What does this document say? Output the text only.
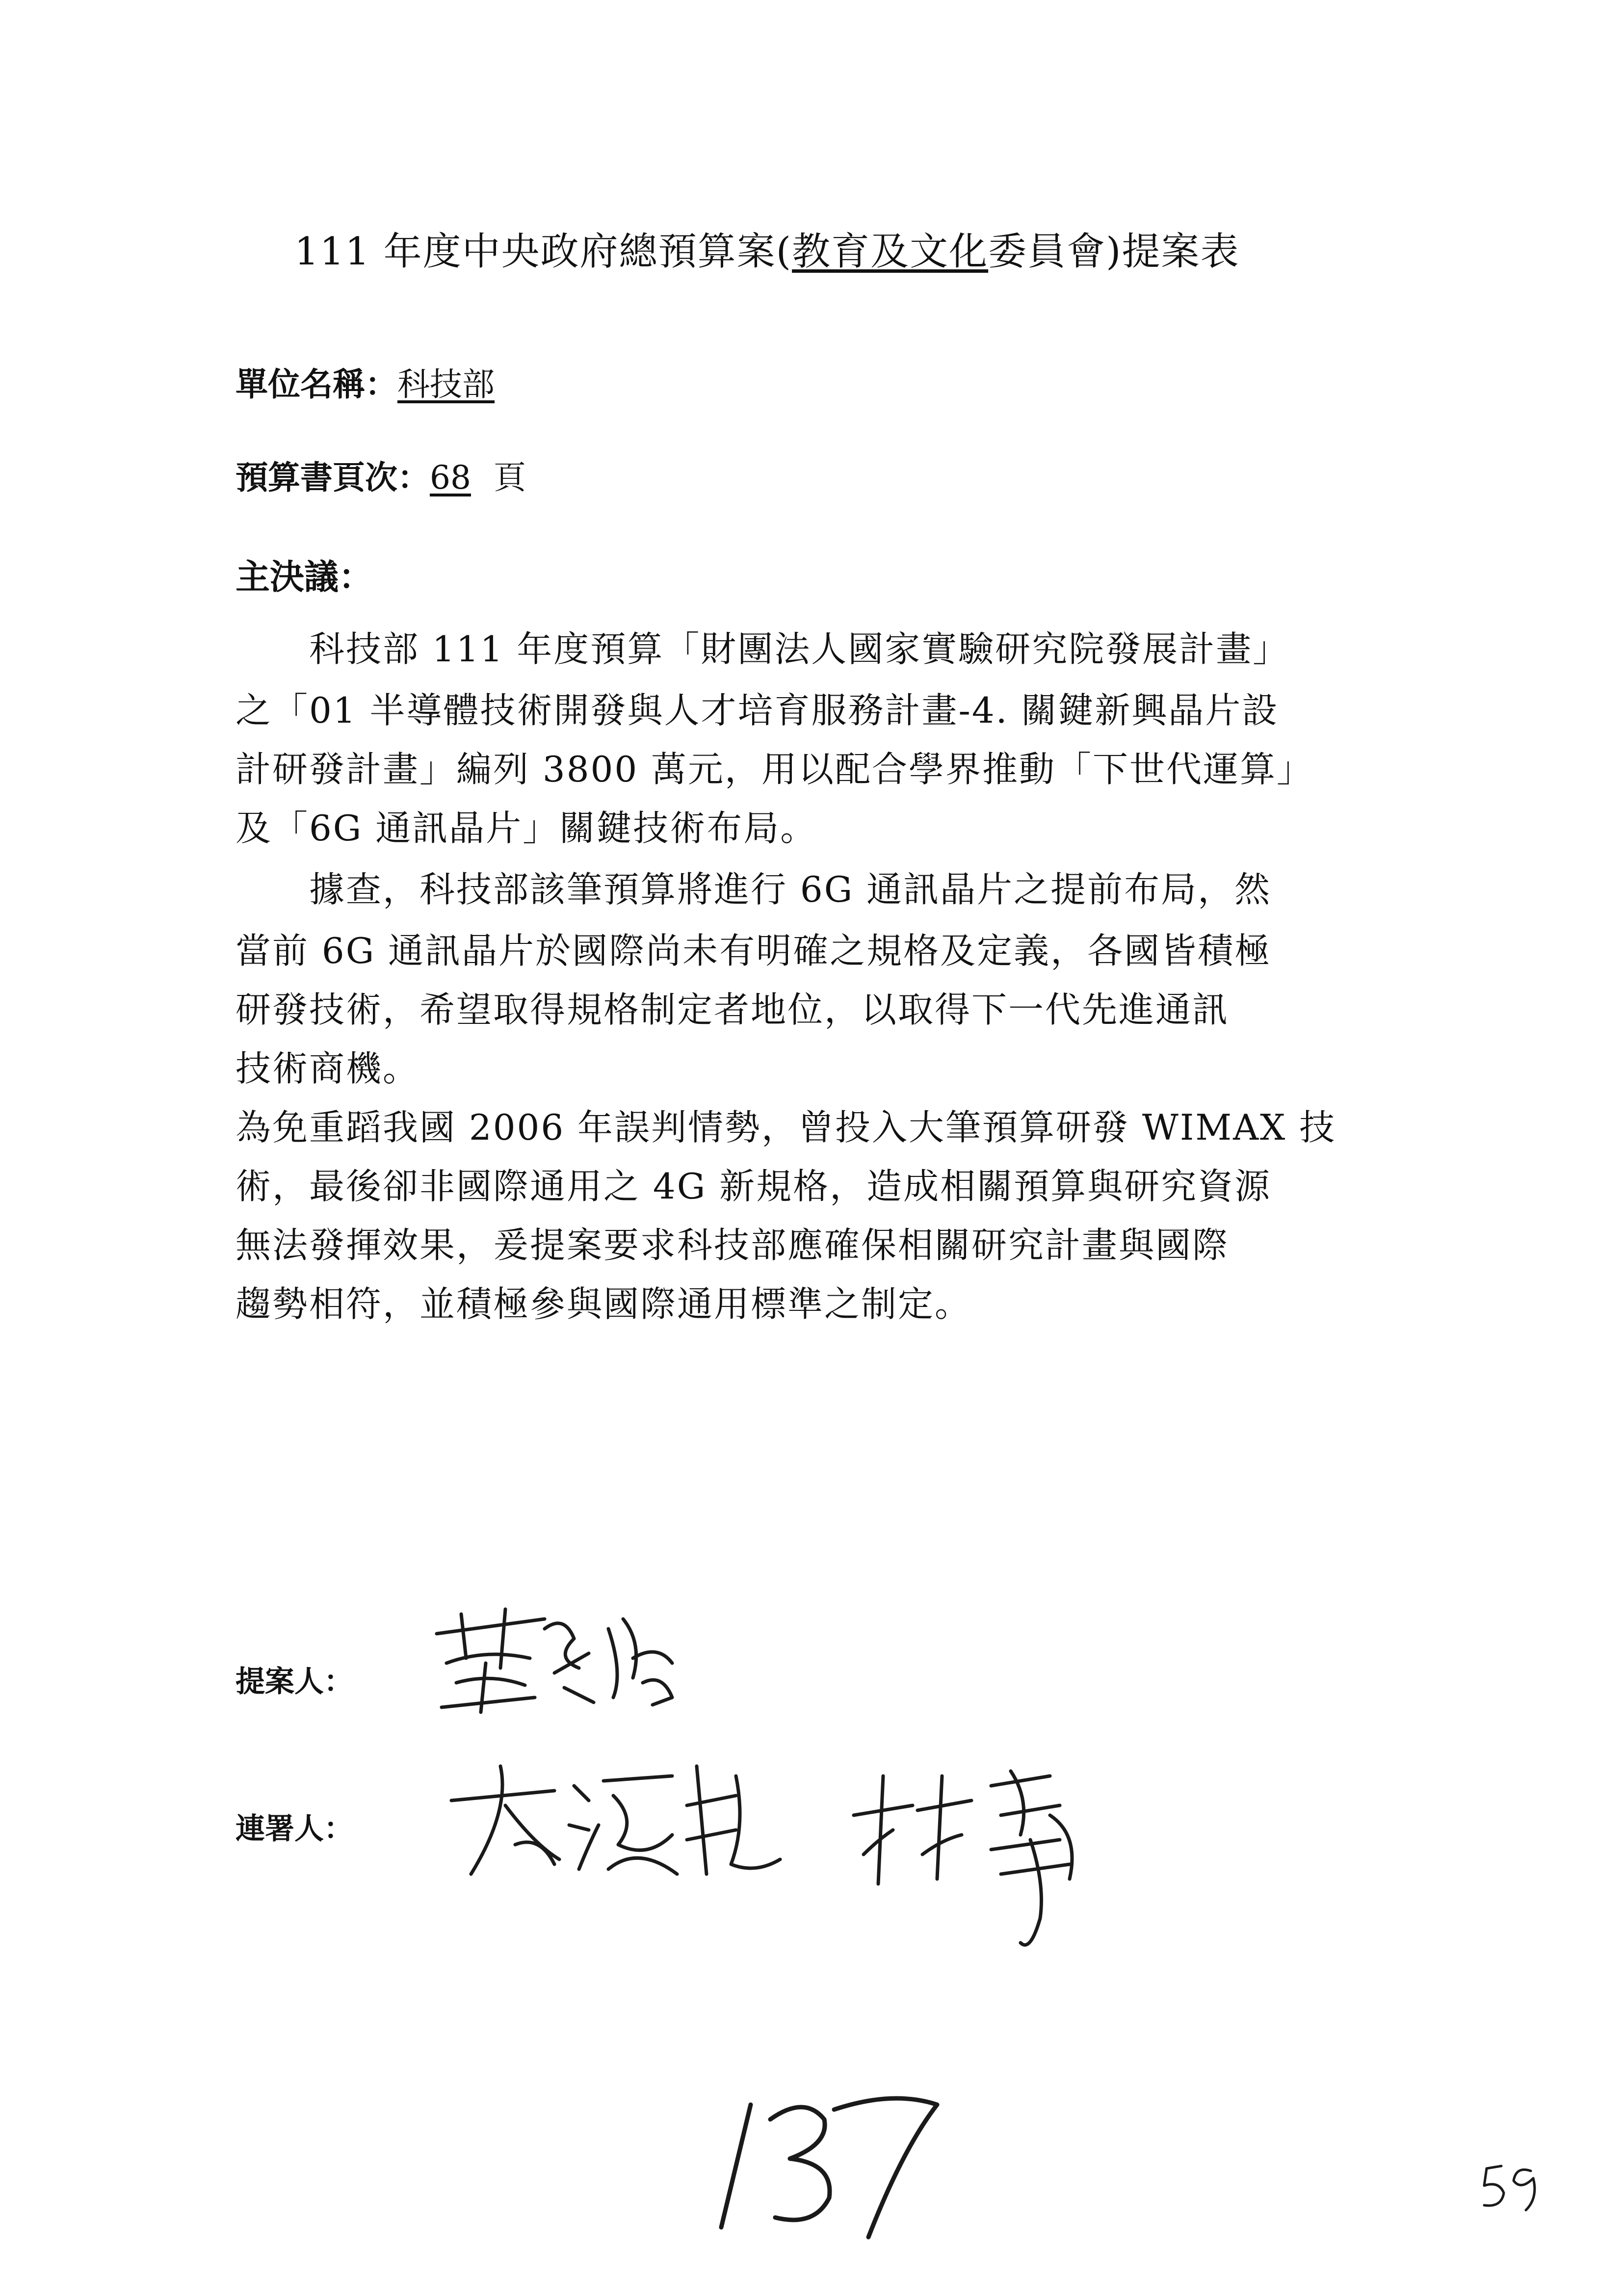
111 年度中央政府總預算案(教育及文化委員會)提案表
單位名稱：科技部
預算書頁次：68 頁
主決議：
科技部 111 年度預算「財團法人國家實驗研究院發展計畫」
之「01 半導體技術開發與人才培育服務計畫-4. 關鍵新興晶片設
計研發計畫」編列 3800 萬元，用以配合學界推動「下世代運算」
及「6G 通訊晶片」關鍵技術布局。
據查，科技部該筆預算將進行 6G 通訊晶片之提前布局，然
當前 6G 通訊晶片於國際尚未有明確之規格及定義，各國皆積極
研發技術，希望取得規格制定者地位，以取得下一代先進通訊
技術商機。
為免重蹈我國 2006 年誤判情勢，曾投入大筆預算研發 WIMAX 技
術，最後卻非國際通用之 4G 新規格，造成相關預算與研究資源
無法發揮效果，爰提案要求科技部應確保相關研究計畫與國際
趨勢相符，並積極參與國際通用標準之制定。
提案人：
連署人：
